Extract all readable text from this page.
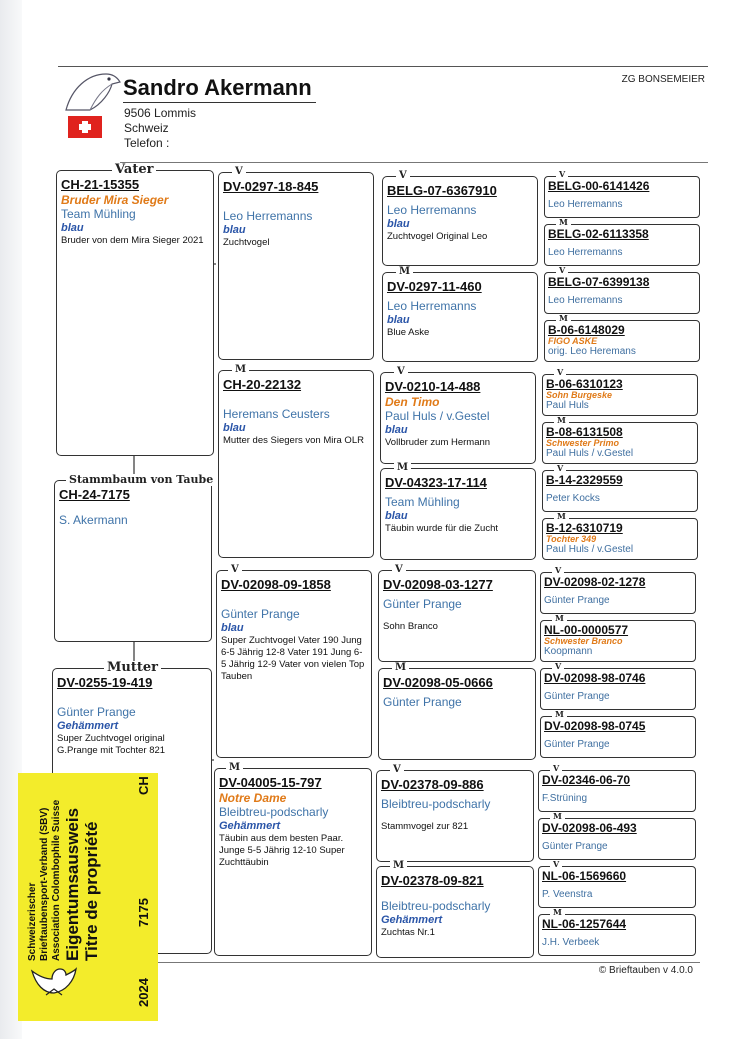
Sandro Akermann
9506 Lommis
Schweiz
Telefon :
ZG BONSEMEIER
CH-21-15355
Bruder Mira Sieger
Team Mühling
blau
Bruder von dem Mira Sieger 2021
Vater
CH-24-7175
S. Akermann
Stammbaum von Taube
DV-0255-19-419
Günter Prange
Gehämmert
Super Zuchtvogel original G.Prange mit Tochter 821
Mutter
DV-0297-18-845
Leo Herremanns
blau
Zuchtvogel
V
CH-20-22132
Heremans Ceusters
blau
Mutter des Siegers von Mira OLR
M
DV-02098-09-1858
Günter Prange
blau
Super Zuchtvogel Vater 190 Jung 6-5 Jährig 12-8 Vater 191 Jung 6-5 Jährig 12-9 Vater von vielen Top Tauben
V
DV-04005-15-797
Notre Dame
Bleibtreu-podscharly
Gehämmert
Täubin aus dem besten Paar. Junge 5-5 Jährig 12-10 Super Zuchttäubin
M
BELG-07-6367910
Leo Herremanns
blau
Zuchtvogel Original Leo
V
DV-0297-11-460
Leo Herremanns
blau
Blue Aske
M
DV-0210-14-488
Den Timo
Paul Huls / v.Gestel
blau
Vollbruder zum Hermann
V
DV-04323-17-114
Team Mühling
blau
Täubin wurde für die Zucht
M
DV-02098-03-1277
Günter Prange
Sohn Branco
V
DV-02098-05-0666
Günter Prange
M
DV-02378-09-886
Bleibtreu-podscharly
Stammvogel zur 821
V
DV-02378-09-821
Bleibtreu-podscharly
Gehämmert
Zuchtas Nr.1
M
BELG-00-6141426
Leo Herremanns
V
BELG-02-6113358
Leo Herremanns
M
BELG-07-6399138
Leo Herremanns
V
B-06-6148029
FIGO ASKE
orig. Leo Heremans
M
B-06-6310123
Sohn Burgeske
Paul Huls
V
B-08-6131508
Schwester Primo
Paul Huls / v.Gestel
M
B-14-2329559
Peter Kocks
V
B-12-6310719
Tochter 349
Paul Huls / v.Gestel
M
DV-02098-02-1278
Günter Prange
V
NL-00-0000577
Schwester Branco
Koopmann
M
DV-02098-98-0746
Günter Prange
V
DV-02098-98-0745
Günter Prange
M
DV-02346-06-70
F.Strüning
V
DV-02098-06-493
Günter Prange
M
NL-06-1569660
P. Veenstra
V
NL-06-1257644
J.H. Verbeek
M
© Brieftauben v 4.0.0
Schweizerischer Brieftaubensport-Verband (SBV) Association Colombophile Suisse Eigentumsausweis Titre de propriété
2024
7175
CH
